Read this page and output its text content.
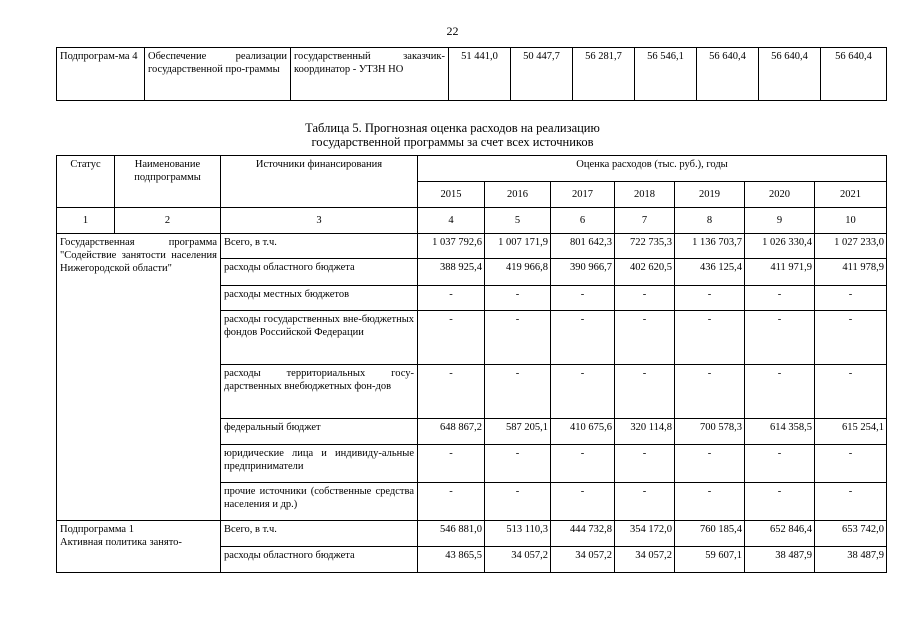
22
Подпрограм-ма 4	Обеспечение реализации государственной про-граммы	государственный заказчик-координатор - УТЗН НО	51 441,0	50 447,7	56 281,7	56 546,1	56 640,4	56 640,4	56 640,4
Таблица 5. Прогнозная оценка расходов на реализацию
государственной программы за счет всех источников
Статус	Наименование подпрограммы	Источники финансирования	Оценка расходов (тыс. руб.), годы						
			2015	2016	2017	2018	2019	2020	2021
1	2	3	4	5	6	7	8	9	10
Государственная программа "Содействие занятости населения Нижегородской области"		Всего, в т.ч.	1 037 792,6	1 007 171,9	801 642,3	722 735,3	1 136 703,7	1 026 330,4	1 027 233,0
		расходы областного бюджета	388 925,4	419 966,8	390 966,7	402 620,5	436 125,4	411 971,9	411 978,9
		расходы местных бюджетов	-	-	-	-	-	-	-
		расходы государственных вне-бюджетных фондов Российской Федерации	-	-	-	-	-	-	-
		расходы территориальных госу-дарственных внебюджетных фон-дов	-	-	-	-	-	-	-
		федеральный бюджет	648 867,2	587 205,1	410 675,6	320 114,8	700 578,3	614 358,5	615 254,1
		юридические лица и индивиду-альные предприниматели	-	-	-	-	-	-	-
		прочие источники (собственные средства населения и др.)	-	-	-	-	-	-	-

Подпрограмма 1
Активная политика занято-		Всего, в т.ч.	546 881,0	513 110,3	444 732,8	354 172,0	760 185,4	652 846,4	653 742,0
		расходы областного бюджета	43 865,5	34 057,2	34 057,2	34 057,2	59 607,1	38 487,9	38 487,9
